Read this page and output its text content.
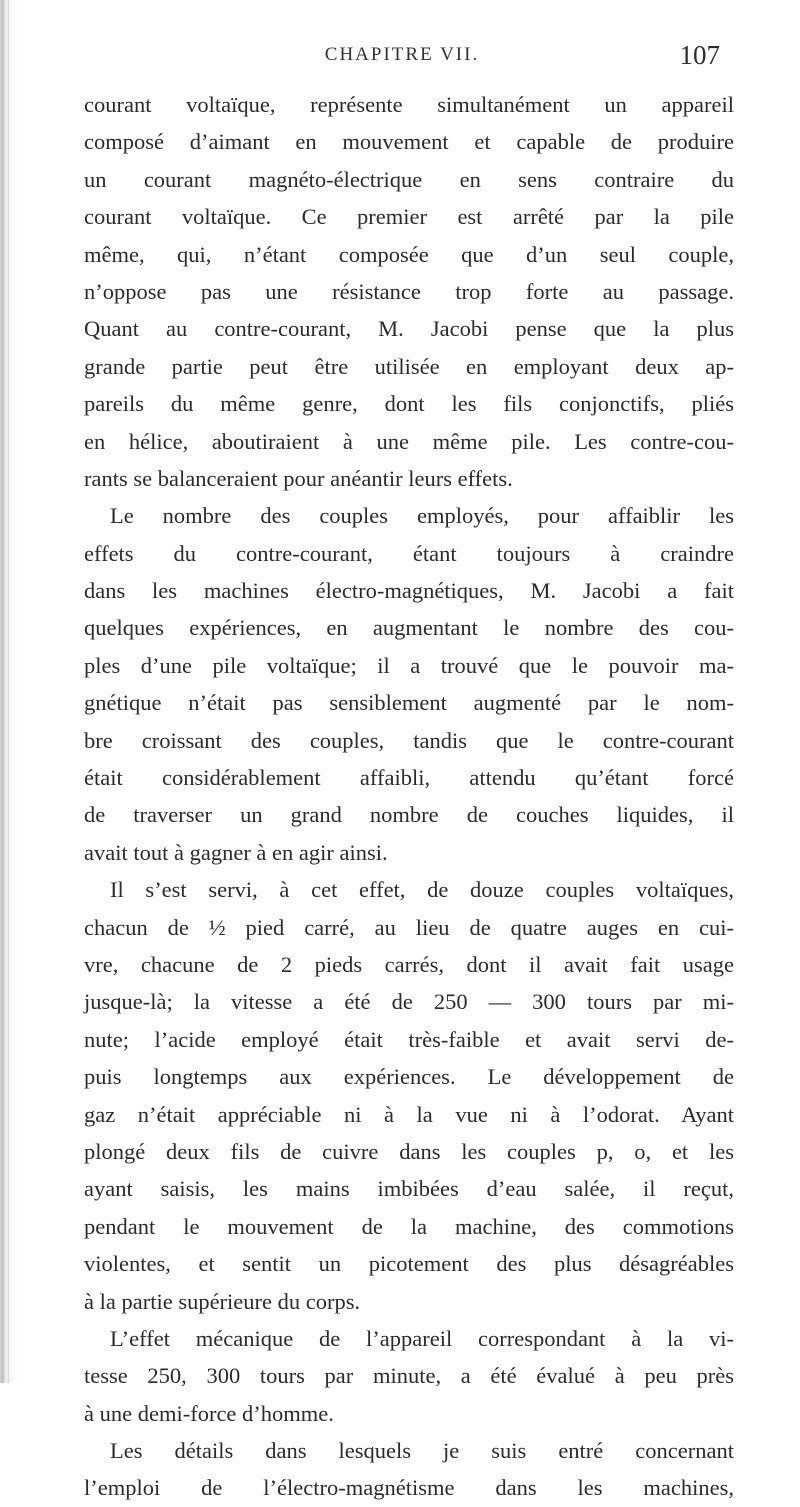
CHAPITRE VII.	107
courant voltaïque, représente simultanément un appareil
composé d’aimant en mouvement et capable de produire
un courant magnéto-électrique en sens contraire du
courant voltaïque. Ce premier est arrêté par la pile
même, qui, n’étant composée que d’un seul couple,
n’oppose pas une résistance trop forte au passage.
Quant au contre-courant, M. Jacobi pense que la plus
grande partie peut être utilisée en employant deux ap-
pareils du même genre, dont les fils conjonctifs, pliés
en hélice, aboutiraient à une même pile. Les contre-cou-
rants se balanceraient pour anéantir leurs effets.
Le nombre des couples employés, pour affaiblir les
effets du contre-courant, étant toujours à craindre
dans les machines électro-magnétiques, M. Jacobi a fait
quelques expériences, en augmentant le nombre des cou-
ples d’une pile voltaïque; il a trouvé que le pouvoir ma-
gnétique n’était pas sensiblement augmenté par le nom-
bre croissant des couples, tandis que le contre-courant
était considérablement affaibli, attendu qu’étant forcé
de traverser un grand nombre de couches liquides, il
avait tout à gagner à en agir ainsi.
Il s’est servi, à cet effet, de douze couples voltaïques,
chacun de ½ pied carré, au lieu de quatre auges en cui-
vre, chacune de 2 pieds carrés, dont il avait fait usage
jusque-là; la vitesse a été de 250 — 300 tours par mi-
nute; l’acide employé était très-faible et avait servi de-
puis longtemps aux expériences. Le développement de
gaz n’était appréciable ni à la vue ni à l’odorat. Ayant
plongé deux fils de cuivre dans les couples p, o, et les
ayant saisis, les mains imbibées d’eau salée, il reçut,
pendant le mouvement de la machine, des commotions
violentes, et sentit un picotement des plus désagréables
à la partie supérieure du corps.
L’effet mécanique de l’appareil correspondant à la vi-
tesse 250, 300 tours par minute, a été évalué à peu près
à une demi-force d’homme.
Les détails dans lesquels je suis entré concernant
l’emploi de l’électro-magnétisme dans les machines,
